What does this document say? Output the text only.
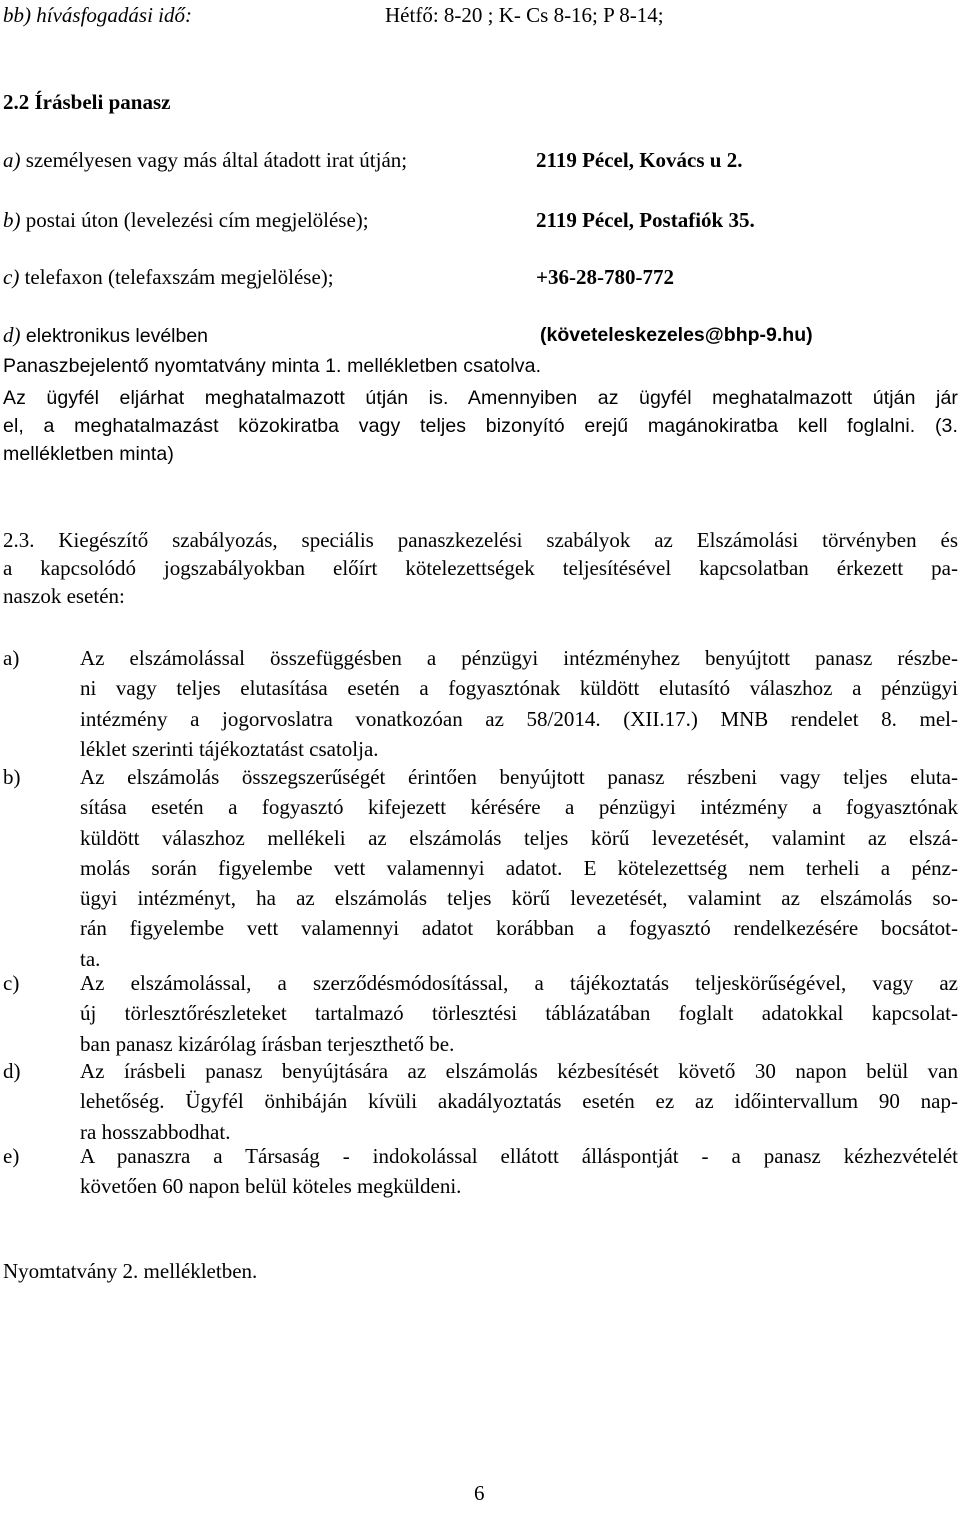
bb) hívásfogadási idő:	Hétfő: 8-20 ; K- Cs 8-16; P 8-14;
2.2 Írásbeli panasz
a) személyesen vagy más által átadott irat útján;	2119 Pécel, Kovács u 2.
b) postai úton (levelezési cím megjelölése);	2119 Pécel, Postafiók 35.
c) telefaxon (telefaxszám megjelölése);	+36-28-780-772
d) elektronikus levélben	(követeleskezeles@bhp-9.hu)
Panaszbejelentő nyomtatvány minta 1. mellékletben csatolva.
Az ügyfél eljárhat meghatalmazott útján is. Amennyiben az ügyfél meghatalmazott útján jár
el, a meghatalmazást közokiratba vagy teljes bizonyító erejű magánokiratba kell foglalni. (3.
mellékletben minta)
2.3. Kiegészítő szabályozás, speciális panaszkezelési szabályok az Elszámolási törvényben és
a kapcsolódó jogszabályokban előírt kötelezettségek teljesítésével kapcsolatban érkezett pa-
naszok esetén:
a)	Az elszámolással összefüggésben a pénzügyi intézményhez benyújtott panasz részbe-
ni vagy teljes elutasítása esetén a fogyasztónak küldött elutasító válaszhoz a pénzügyi
intézmény a jogorvoslatra vonatkozóan az 58/2014. (XII.17.) MNB rendelet 8. mel-
léklet szerinti tájékoztatást csatolja.
b)	Az elszámolás összegszerűségét érintően benyújtott panasz részbeni vagy teljes eluta-
sítása esetén a fogyasztó kifejezett kérésére a pénzügyi intézmény a fogyasztónak
küldött válaszhoz mellékeli az elszámolás teljes körű levezetését, valamint az elszá-
molás során figyelembe vett valamennyi adatot. E kötelezettség nem terheli a pénz-
ügyi intézményt, ha az elszámolás teljes körű levezetését, valamint az elszámolás so-
rán figyelembe vett valamennyi adatot korábban a fogyasztó rendelkezésére bocsátot-
ta.
c)	Az elszámolással, a szerződésmódosítással, a tájékoztatás teljeskörűségével, vagy az
új törlesztőrészleteket tartalmazó törlesztési táblázatában foglalt adatokkal kapcsolat-
ban panasz kizárólag írásban terjeszthető be.
d)	Az írásbeli panasz benyújtására az elszámolás kézbesítését követő 30 napon belül van
lehetőség. Ügyfél önhibáján kívüli akadályoztatás esetén ez az időintervallum 90 nap-
ra hosszabbodhat.
e)	A panaszra a Társaság - indokolással ellátott álláspontját - a panasz kézhezvételét
követően 60 napon belül köteles megküldeni.
Nyomtatvány 2. mellékletben.
6
